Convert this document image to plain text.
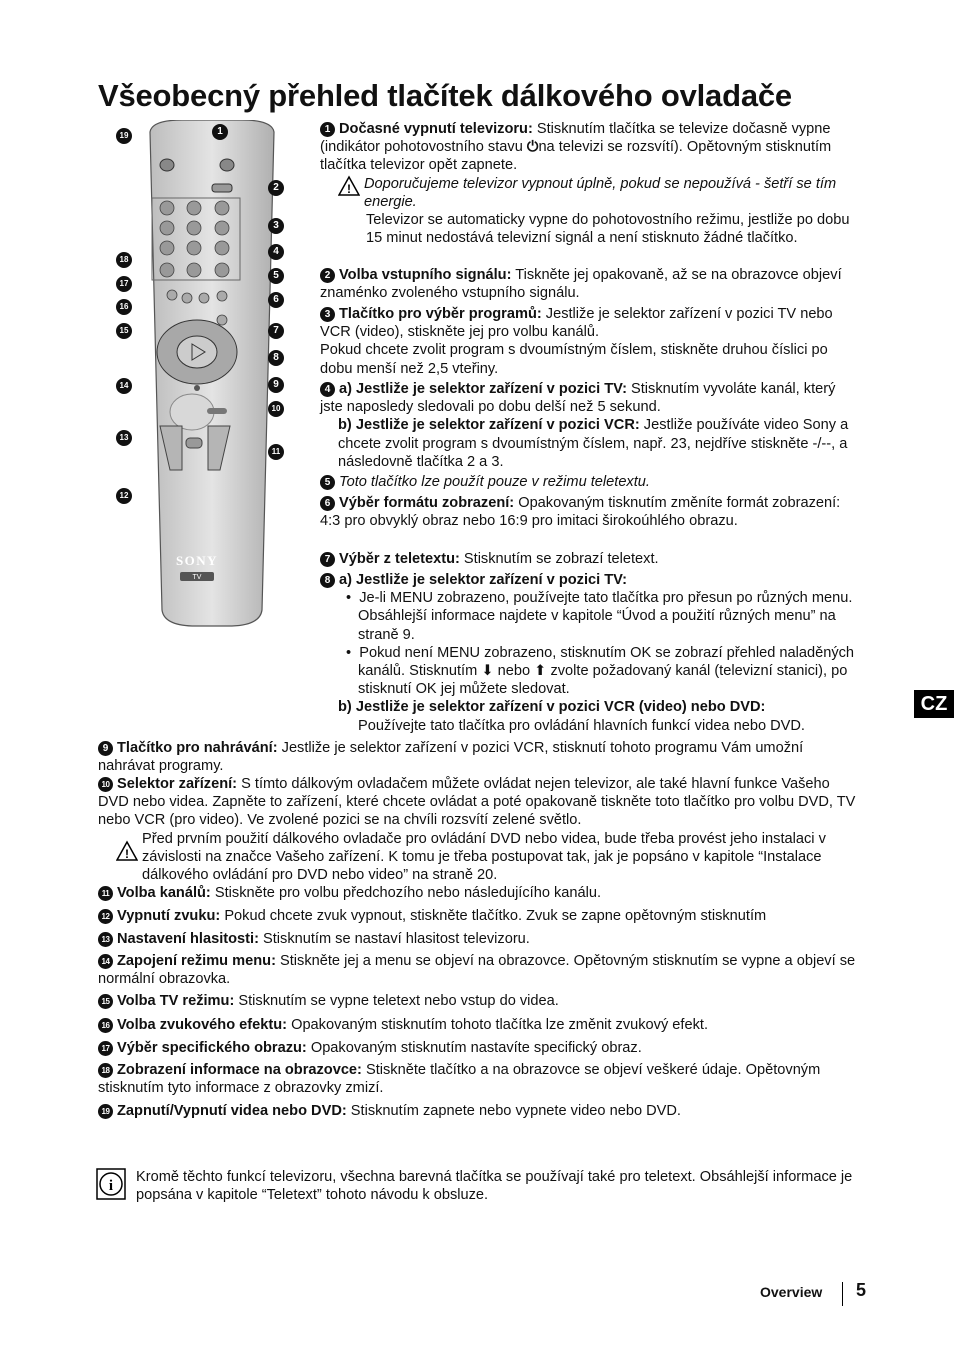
Všeobecný přehled tlačítek dálkového ovladače
SONY
TV
19	1
2
3
4
5
6
7
8
9
10
11
18
17
16
15
14
13
12
1 Dočasné vypnutí televizoru: Stisknutím tlačítka se televize dočasně vypne (indikátor pohotovostního stavu ⏻na televizi se rozsvítí). Opětovným stisknutím tlačítka televizor opět zapnete.
! Doporučujeme televizor vypnout úplně, pokud se nepoužívá - šetří se tím energie.
Televizor se automaticky vypne do pohotovostního režimu, jestliže po dobu 15 minut nedostává televizní signál a není stisknuto žádné tlačítko.
2 Volba vstupního signálu: Tiskněte jej opakovaně, až se na obrazovce objeví znaménko zvoleného vstupního signálu.
3 Tlačítko pro výběr programů: Jestliže je selektor zařízení v pozici TV nebo VCR (video), stiskněte jej pro volbu kanálů.
Pokud chcete zvolit program s dvoumístným číslem, stiskněte druhou číslici po dobu menší než 2,5 vteřiny.
4 a) Jestliže je selektor zařízení v pozici TV: Stisknutím vyvoláte kanál, který jste naposledy sledovali po dobu delší než 5 sekund.
b) Jestliže je selektor zařízení v pozici VCR: Jestliže používáte video Sony a chcete zvolit program s dvoumístným číslem, např. 23, nejdříve stiskněte -/--, a následovně tlačítka 2 a 3.
5 Toto tlačítko lze použít pouze v režimu teletextu.
6 Výběr formátu zobrazení: Opakovaným tisknutím změníte formát zobrazení: 4:3 pro obvyklý obraz nebo 16:9 pro imitaci širokoúhlého obrazu.
7 Výběr z teletextu: Stisknutím se zobrazí teletext.
8 a) Jestliže je selektor zařízení v pozici TV:
•  Je-li MENU zobrazeno, používejte tato tlačítka pro přesun po různých menu. Obsáhlejší informace najdete v kapitole “Úvod a použití různých menu” na straně 9.
•  Pokud není MENU zobrazeno, stisknutím OK se zobrazí přehled naladěných kanálů. Stisknutím ⬇ nebo ⬆ zvolte požadovaný kanál (televizní stanici), po stisknutí OK jej můžete sledovat.
b) Jestliže je selektor zařízení v pozici VCR (video) nebo DVD:
Používejte tato tlačítka pro ovládání hlavních funkcí videa nebo DVD.
9 Tlačítko pro nahrávání: Jestliže je selektor zařízení v pozici VCR, stisknutí tohoto programu Vám umožní nahrávat programy.
10 Selektor zařízení: S tímto dálkovým ovladačem můžete ovládat nejen televizor, ale také hlavní funkce Vašeho DVD nebo videa. Zapněte to zařízení, které chcete ovládat a poté opakovaně tiskněte toto tlačítko pro volbu DVD, TV nebo VCR (pro video). Ve zvolené pozici se na chvíli rozsvítí zelené světlo.
!
Před prvním použití dálkového ovladače pro ovládání DVD nebo videa, bude třeba provést jeho instalaci v závislosti na značce Vašeho zařízení. K tomu je třeba postupovat tak, jak je popsáno v kapitole “Instalace dálkového ovládání pro DVD nebo video” na straně 20.
11 Volba kanálů: Stiskněte pro volbu předchozího nebo následujícího kanálu.
12 Vypnutí zvuku: Pokud chcete zvuk vypnout, stiskněte tlačítko. Zvuk se zapne opětovným stisknutím
13 Nastavení hlasitosti: Stisknutím se nastaví hlasitost televizoru.
14 Zapojení režimu menu: Stiskněte jej a menu se objeví na obrazovce. Opětovným stisknutím se vypne a objeví se normální obrazovka.
15 Volba TV režimu: Stisknutím se vypne teletext nebo vstup do videa.
16 Volba zvukového efektu: Opakovaným stisknutím tohoto tlačítka lze změnit zvukový efekt.
17 Výběr specifického obrazu: Opakovaným stisknutím nastavíte specifický obraz.
18 Zobrazení informace na obrazovce: Stiskněte tlačítko a na obrazovce se objeví veškeré údaje. Opětovným stisknutím tyto informace z obrazovky zmizí.
19 Zapnutí/Vypnutí videa nebo DVD: Stisknutím zapnete nebo vypnete video nebo DVD.
i
Kromě těchto funkcí televizoru, všechna barevná tlačítka se používají také pro teletext. Obsáhlejší informace je popsána v kapitole “Teletext” tohoto návodu k obsluze.
CZ
Overview 5
